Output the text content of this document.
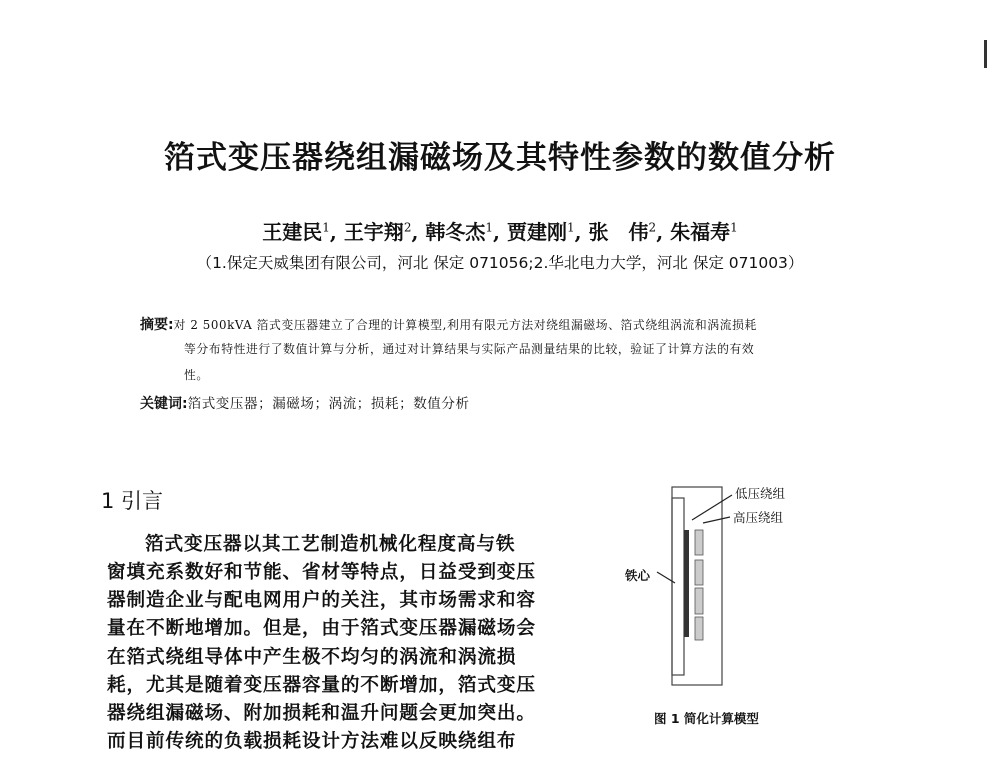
箔式变压器绕组漏磁场及其特性参数的数值分析
王建民$^1$, 王宇翔$^2$, 韩冬杰$^1$, 贾建刚$^1$, 张　伟$^2$, 朱福寿$^1$
（1.保定天威集团有限公司，河北 保定 071056;2.华北电力大学，河北 保定 071003）
摘要:对 2 500kVA 箔式变压器建立了合理的计算模型,利用有限元方法对绕组漏磁场、箔式绕组涡流和涡流损耗
等分布特性进行了数值计算与分析，通过对计算结果与实际产品测量结果的比较，验证了计算方法的有效
性。
关键词:箔式变压器；漏磁场；涡流；损耗；数值分析
1 引言
箔式变压器以其工艺制造机械化程度高与铁
窗填充系数好和节能、省材等特点，日益受到变压
器制造企业与配电网用户的关注，其市场需求和容
量在不断地增加。但是，由于箔式变压器漏磁场会
在箔式绕组导体中产生极不均匀的涡流和涡流损
耗，尤其是随着变压器容量的不断增加，箔式变压
器绕组漏磁场、附加损耗和温升问题会更加突出。
而目前传统的负载损耗设计方法难以反映绕组布
低压绕组
高压绕组
铁心
图 1 简化计算模型
